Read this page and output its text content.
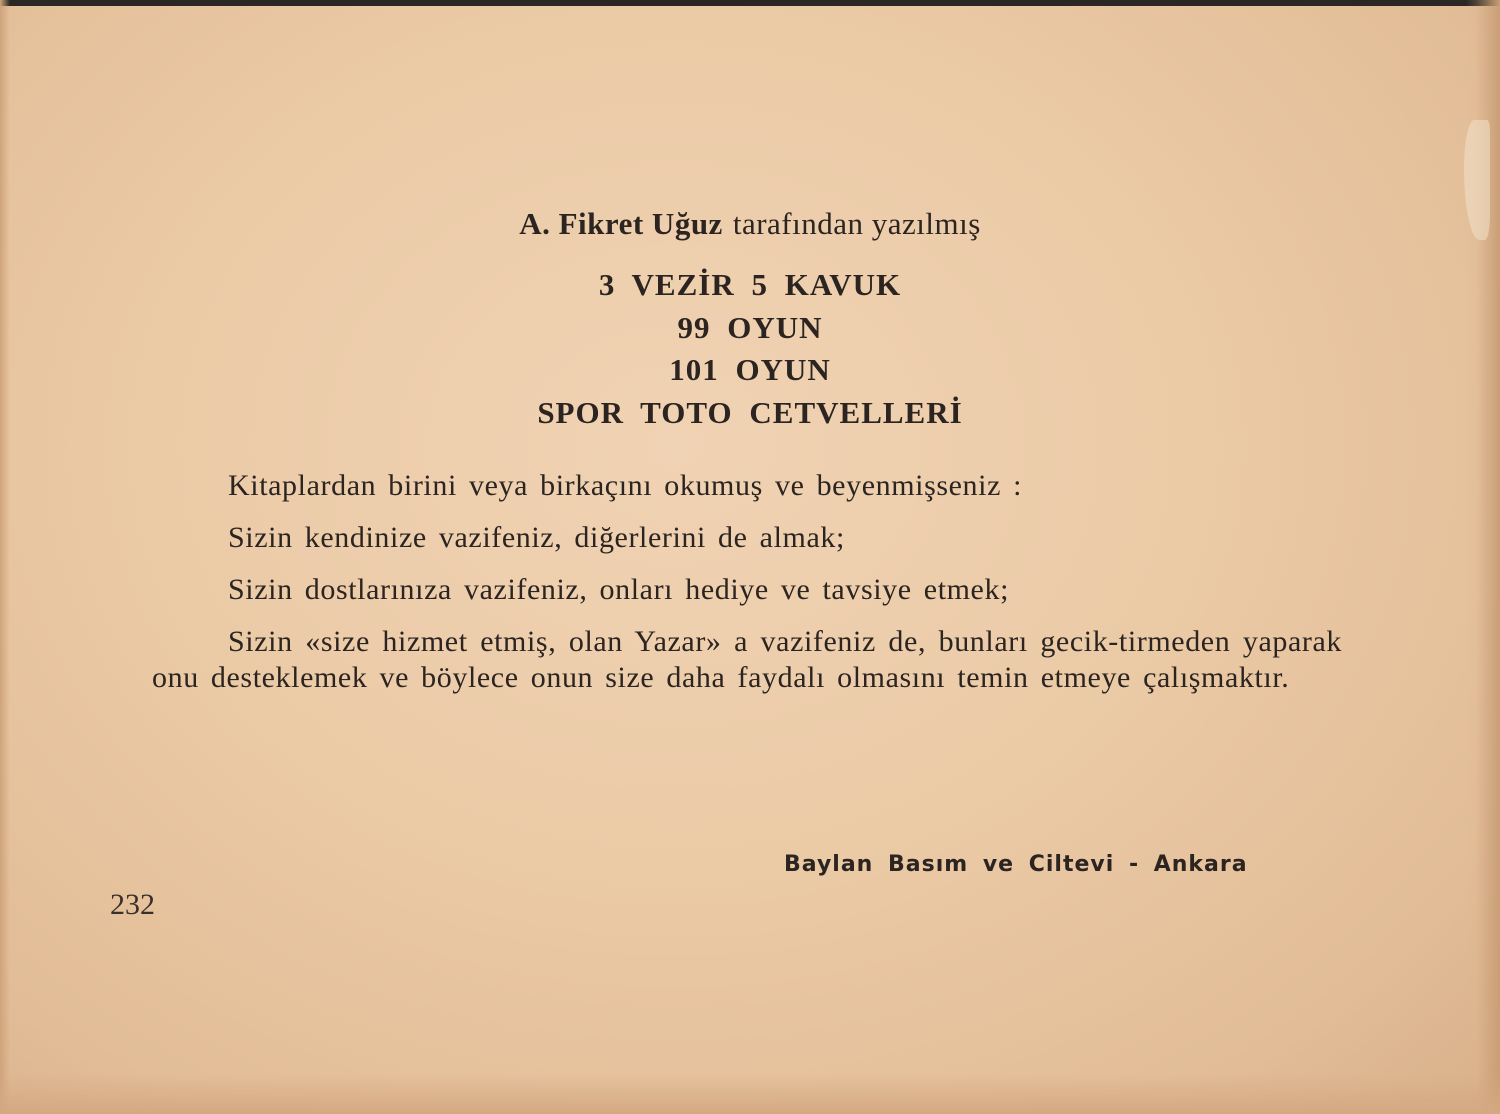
A. Fikret Uğuz tarafından yazılmış
3 VEZİR 5 KAVUK
99 OYUN
101 OYUN
SPOR TOTO CETVELLERİ

Kitaplardan birini veya birkaçını okumuş ve beyenmişseniz :

Sizin kendinize vazifeniz, diğerlerini de almak;

Sizin dostlarınıza vazifeniz, onları hediye ve tavsiye etmek;

Sizin «size hizmet etmiş, olan Yazar» a vazifeniz de, bunları gecik-tirmeden yaparak onu desteklemek ve böylece onun size daha faydalı olmasını temin etmeye çalışmaktır.

Baylan Basım ve Ciltevi - Ankara
232
